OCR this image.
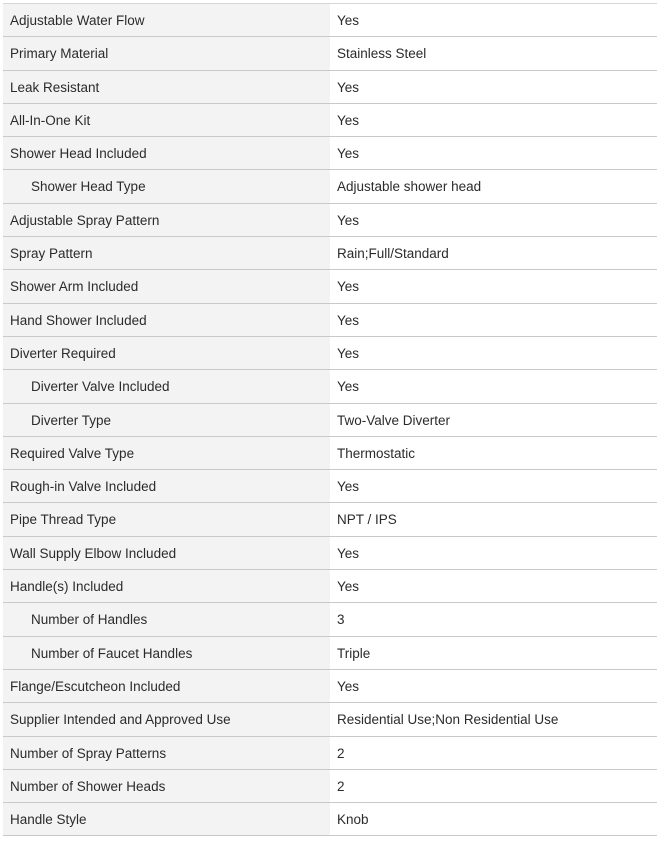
Adjustable Water Flow	Yes
Primary Material	Stainless Steel
Leak Resistant	Yes
All-In-One Kit	Yes
Shower Head Included	Yes
Shower Head Type	Adjustable shower head
Adjustable Spray Pattern	Yes
Spray Pattern	Rain;Full/Standard
Shower Arm Included	Yes
Hand Shower Included	Yes
Diverter Required	Yes
Diverter Valve Included	Yes
Diverter Type	Two-Valve Diverter
Required Valve Type	Thermostatic
Rough-in Valve Included	Yes
Pipe Thread Type	NPT / IPS
Wall Supply Elbow Included	Yes
Handle(s) Included	Yes
Number of Handles	3
Number of Faucet Handles	Triple
Flange/Escutcheon Included	Yes
Supplier Intended and Approved Use	Residential Use;Non Residential Use
Number of Spray Patterns	2
Number of Shower Heads	2
Handle Style	Knob
